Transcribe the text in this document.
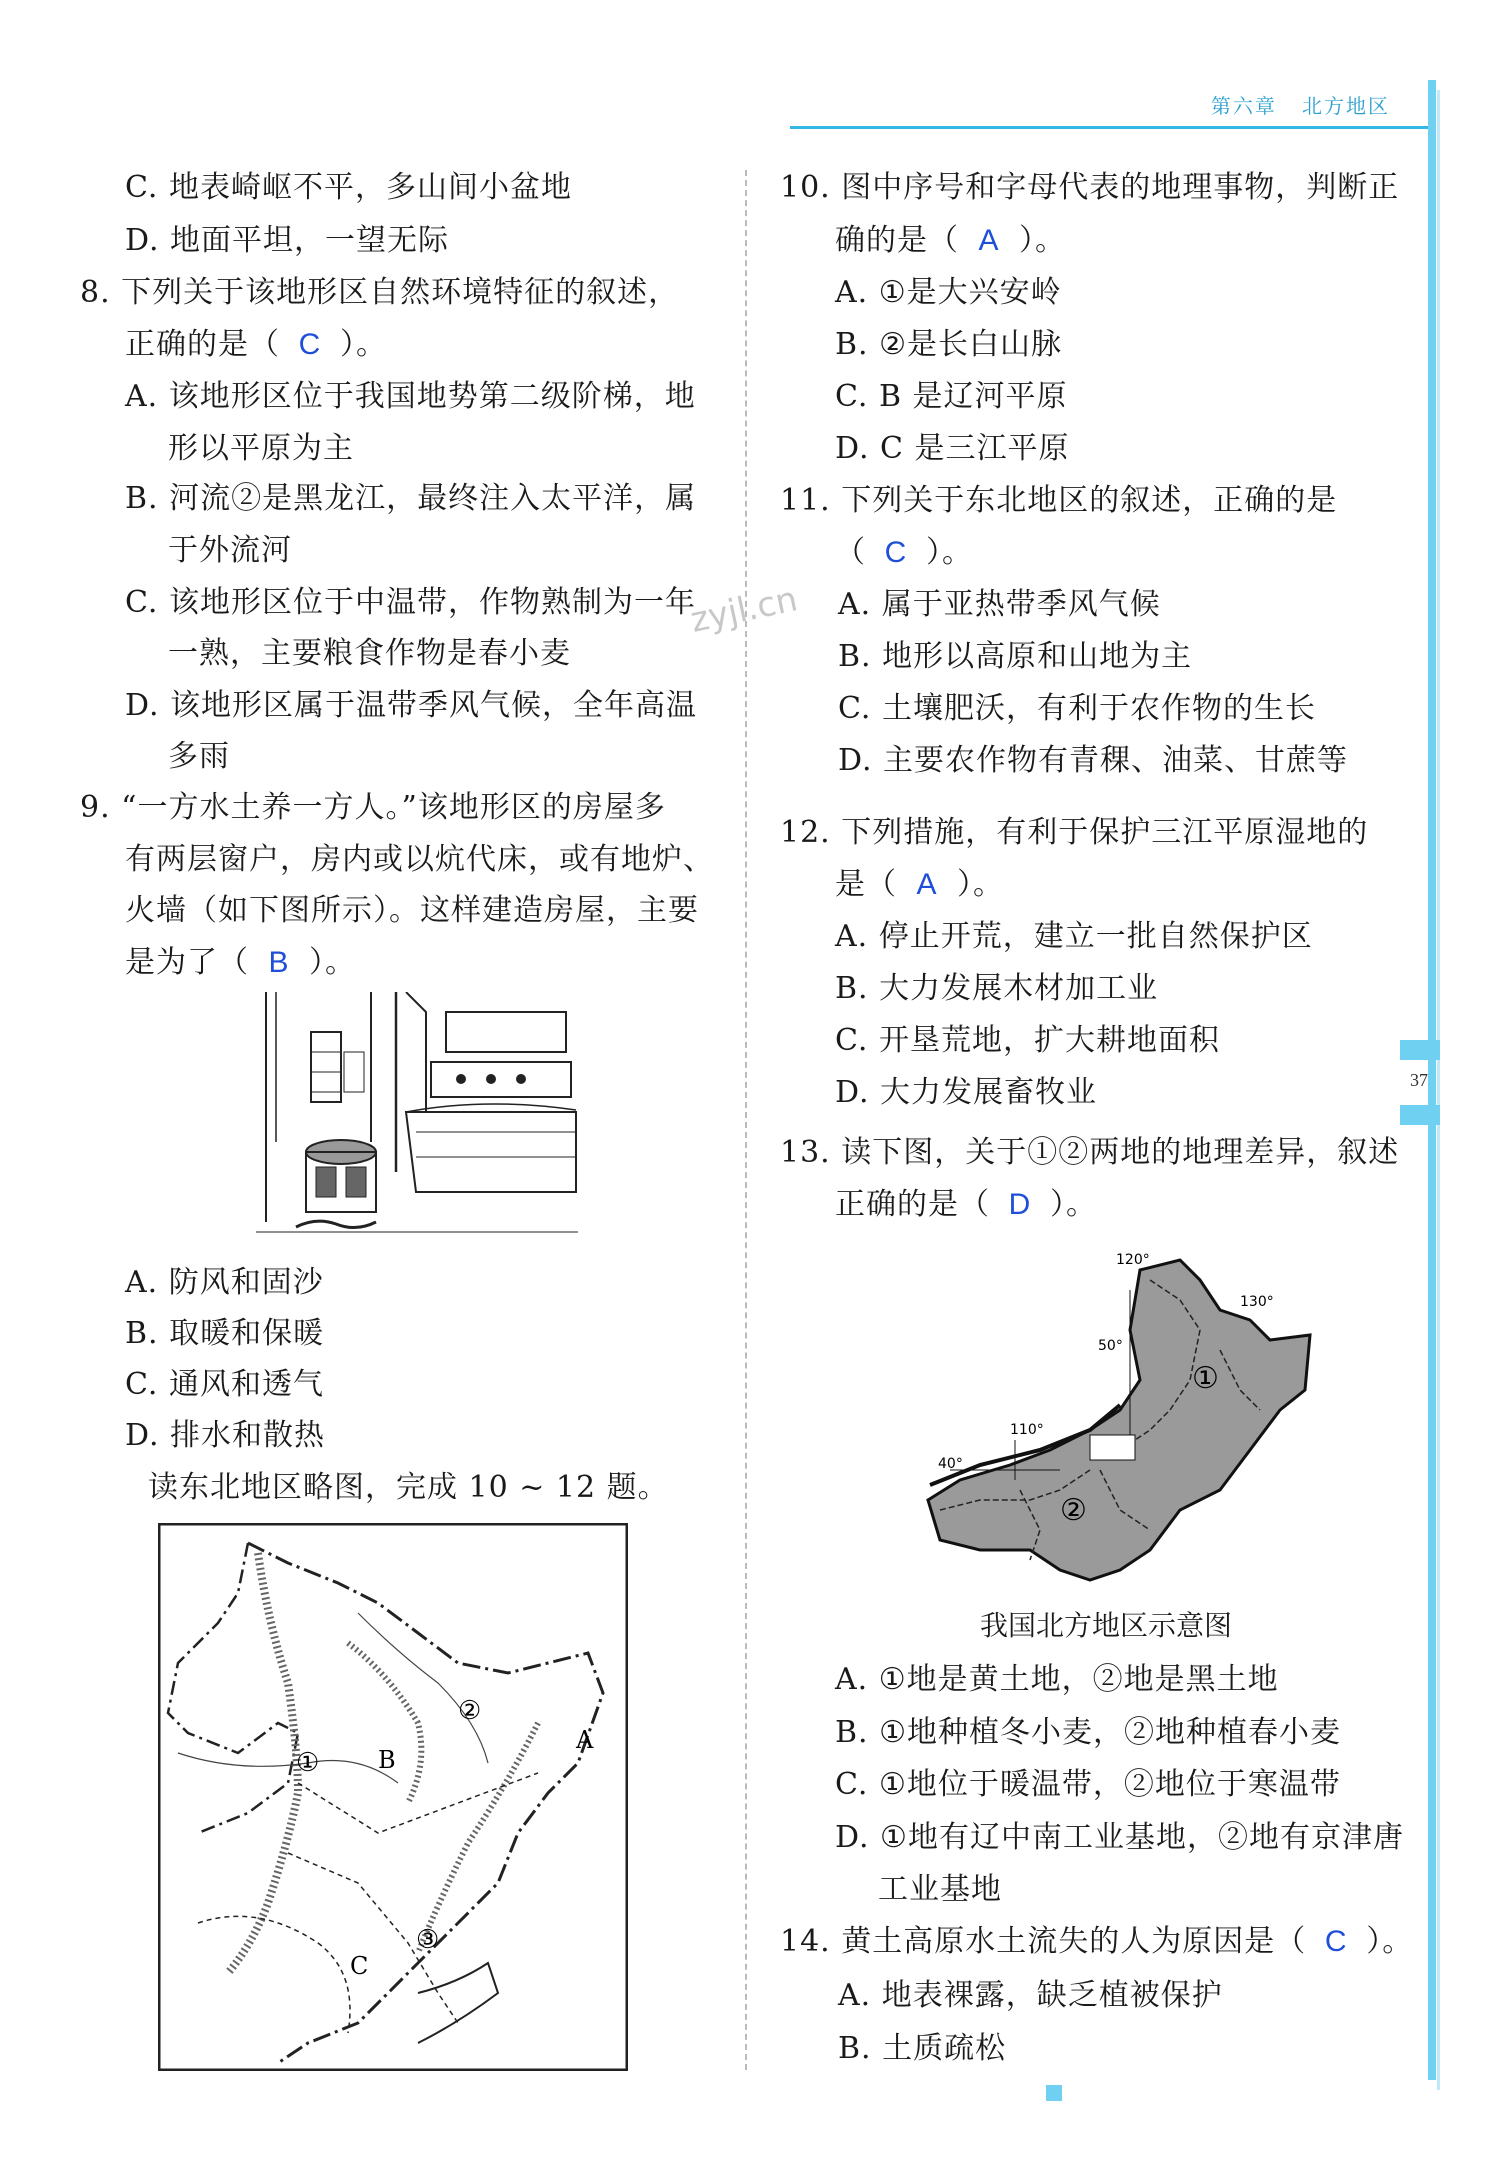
第六章 北方地区
37
zyjl.cn
C. 地表崎岖不平，多山间小盆地
D. 地面平坦，一望无际
8. 下列关于该地形区自然环境特征的叙述，
正确的是（ C ）。
A. 该地形区位于我国地势第二级阶梯，地
形以平原为主
B. 河流②是黑龙江，最终注入太平洋，属
于外流河
C. 该地形区位于中温带，作物熟制为一年
一熟，主要粮食作物是春小麦
D. 该地形区属于温带季风气候，全年高温
多雨
9. “一方水土养一方人。”该地形区的房屋多
有两层窗户，房内或以炕代床，或有地炉、
火墙（如下图所示）。这样建造房屋，主要
是为了（ B ）。
A. 防风和固沙
B. 取暖和保暖
C. 通风和透气
D. 排水和散热
读东北地区略图，完成 10 ~ 12 题。
①
②
③
A
B
C
10. 图中序号和字母代表的地理事物，判断正
确的是（ A ）。
A. ①是大兴安岭
B. ②是长白山脉
C. B 是辽河平原
D. C 是三江平原
11. 下列关于东北地区的叙述，正确的是
（ C ）。
A. 属于亚热带季风气候
B. 地形以高原和山地为主
C. 土壤肥沃，有利于农作物的生长
D. 主要农作物有青稞、油菜、甘蔗等
12. 下列措施，有利于保护三江平原湿地的
是（ A ）。
A. 停止开荒，建立一批自然保护区
B. 大力发展木材加工业
C. 开垦荒地，扩大耕地面积
D. 大力发展畜牧业
13. 读下图，关于①②两地的地理差异，叙述
正确的是（ D ）。
120°
130°
50°
110°
40°
①
②
我国北方地区示意图
A. ①地是黄土地，②地是黑土地
B. ①地种植冬小麦，②地种植春小麦
C. ①地位于暖温带，②地位于寒温带
D. ①地有辽中南工业基地，②地有京津唐
工业基地
14. 黄土高原水土流失的人为原因是（ C ）。
A. 地表裸露，缺乏植被保护
B. 土质疏松
